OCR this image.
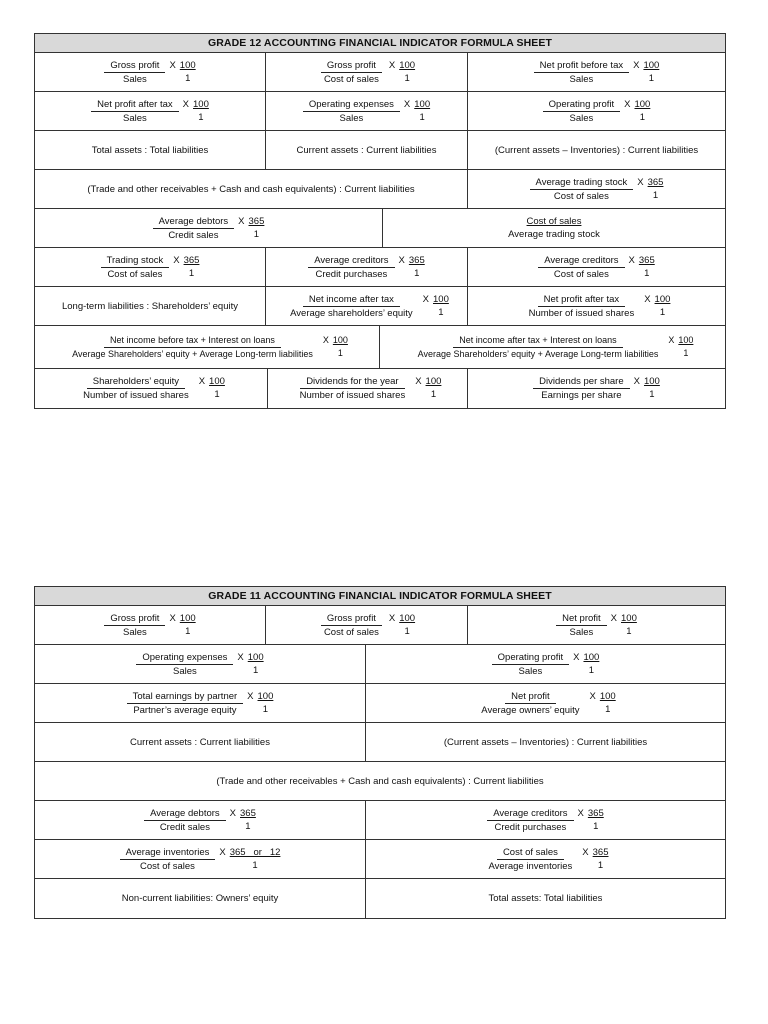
GRADE 12 ACCOUNTING FINANCIAL INDICATOR FORMULA SHEET
$\frac{\text{Gross profit}}{\text{Sales}}$ X $\frac{100}{1}$	$\frac{\text{Gross profit}}{\text{Cost of sales}}$ X $\frac{100}{1}$	$\frac{\text{Net profit before tax}}{\text{Sales}}$ X $\frac{100}{1}$
$\frac{\text{Net profit after tax}}{\text{Sales}}$ X $\frac{100}{1}$	$\frac{\text{Operating expenses}}{\text{Sales}}$ X $\frac{100}{1}$	$\frac{\text{Operating profit}}{\text{Sales}}$ X $\frac{100}{1}$
Total assets : Total liabilities	Current assets : Current liabilities	(Current assets – Inventories) : Current liabilities
(Trade and other receivables + Cash and cash equivalents) : Current liabilities	$\frac{\text{Average trading stock}}{\text{Cost of sales}}$ X $\frac{365}{1}$
$\frac{\text{Average debtors}}{\text{Credit sales}}$ X $\frac{365}{1}$	$\frac{\text{Cost of sales}}{\text{Average trading stock}}$
$\frac{\text{Trading stock}}{\text{Cost of sales}}$ X $\frac{365}{1}$	$\frac{\text{Average creditors}}{\text{Credit purchases}}$ X $\frac{365}{1}$	$\frac{\text{Average creditors}}{\text{Cost of sales}}$ X $\frac{365}{1}$
Long-term liabilities : Shareholders’ equity	$\frac{\text{Net income after tax}}{\text{Average shareholders’ equity}}$ X $\frac{100}{1}$	$\frac{\text{Net profit after tax}}{\text{Number of issued shares}}$ X $\frac{100}{1}$
$\frac{\text{Net income before tax + Interest on loans}}{\text{Average Shareholders’ equity + Average Long-term liabilities}}$ X $\frac{100}{1}$	$\frac{\text{Net income after tax + Interest on loans}}{\text{Average Shareholders’ equity + Average Long-term liabilities}}$ X $\frac{100}{1}$
$\frac{\text{Shareholders’ equity}}{\text{Number of issued shares}}$ X $\frac{100}{1}$	$\frac{\text{Dividends for the year}}{\text{Number of issued shares}}$ X $\frac{100}{1}$	$\frac{\text{Dividends per share}}{\text{Earnings per share}}$ X $\frac{100}{1}$
GRADE 11 ACCOUNTING FINANCIAL INDICATOR FORMULA SHEET
$\frac{\text{Gross profit}}{\text{Sales}}$ X $\frac{100}{1}$	$\frac{\text{Gross profit}}{\text{Cost of sales}}$ X $\frac{100}{1}$	$\frac{\text{Net profit}}{\text{Sales}}$ X $\frac{100}{1}$
$\frac{\text{Operating expenses}}{\text{Sales}}$ X $\frac{100}{1}$	$\frac{\text{Operating profit}}{\text{Sales}}$ X $\frac{100}{1}$
$\frac{\text{Total earnings by partner}}{\text{Partner’s average equity}}$ X $\frac{100}{1}$	$\frac{\text{Net profit}}{\text{Average owners’ equity}}$ X $\frac{100}{1}$
Current assets : Current liabilities	(Current assets – Inventories) : Current liabilities
(Trade and other receivables + Cash and cash equivalents) : Current liabilities
$\frac{\text{Average debtors}}{\text{Credit sales}}$ X $\frac{365}{1}$	$\frac{\text{Average creditors}}{\text{Credit purchases}}$ X $\frac{365}{1}$
$\frac{\text{Average inventories}}{\text{Cost of sales}}$ X $\frac{365 or 12}{1}$	$\frac{\text{Cost of sales}}{\text{Average inventories}}$ X $\frac{365}{1}$
Non-current liabilities: Owners’ equity	Total assets: Total liabilities
